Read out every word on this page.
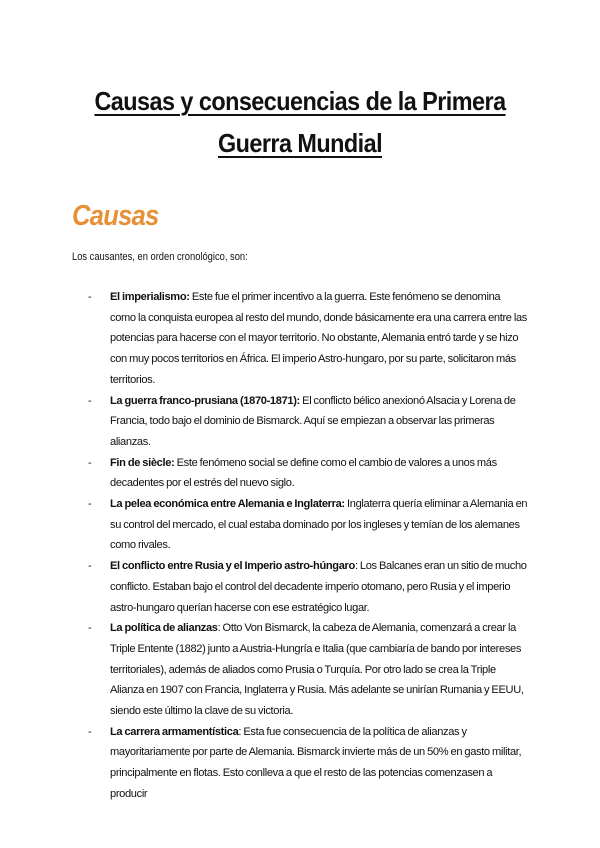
Causas y consecuencias de la Primera Guerra Mundial
Causas
Los causantes, en orden cronológico, son:
- El imperialismo: Este fue el primer incentivo a la guerra. Este fenómeno se denomina como la conquista europea al resto del mundo, donde básicamente era una carrera entre las potencias para hacerse con el mayor territorio. No obstante, Alemania entró tarde y se hizo con muy pocos territorios en África. El imperio Astro-hungaro, por su parte, solicitaron más territorios.
- La guerra franco-prusiana (1870-1871): El conflicto bélico anexionó Alsacia y Lorena de Francia, todo bajo el dominio de Bismarck. Aquí se empiezan a observar las primeras alianzas.
- Fin de siècle: Este fenómeno social se define como el cambio de valores a unos más decadentes por el estrés del nuevo siglo.
- La pelea económica entre Alemania e Inglaterra: Inglaterra quería eliminar a Alemania en su control del mercado, el cual estaba dominado por los ingleses y temían de los alemanes como rivales.
- El conflicto entre Rusia y el Imperio astro-húngaro: Los Balcanes eran un sitio de mucho conflicto. Estaban bajo el control del decadente imperio otomano, pero Rusia y el imperio astro-hungaro querían hacerse con ese estratégico lugar.
- La política de alianzas: Otto Von Bismarck, la cabeza de Alemania, comenzará a crear la Triple Entente (1882) junto a Austria-Hungría e Italia (que cambiaría de bando por intereses territoriales), además de aliados como Prusia o Turquía. Por otro lado se crea la Triple Alianza en 1907 con Francia, Inglaterra y Rusia. Más adelante se unirían Rumania y EEUU, siendo este último la clave de su victoria.
- La carrera armamentística: Esta fue consecuencia de la política de alianzas y mayoritariamente por parte de Alemania. Bismarck invierte más de un 50% en gasto militar, principalmente en flotas. Esto conlleva a que el resto de las potencias comenzasen a producir
